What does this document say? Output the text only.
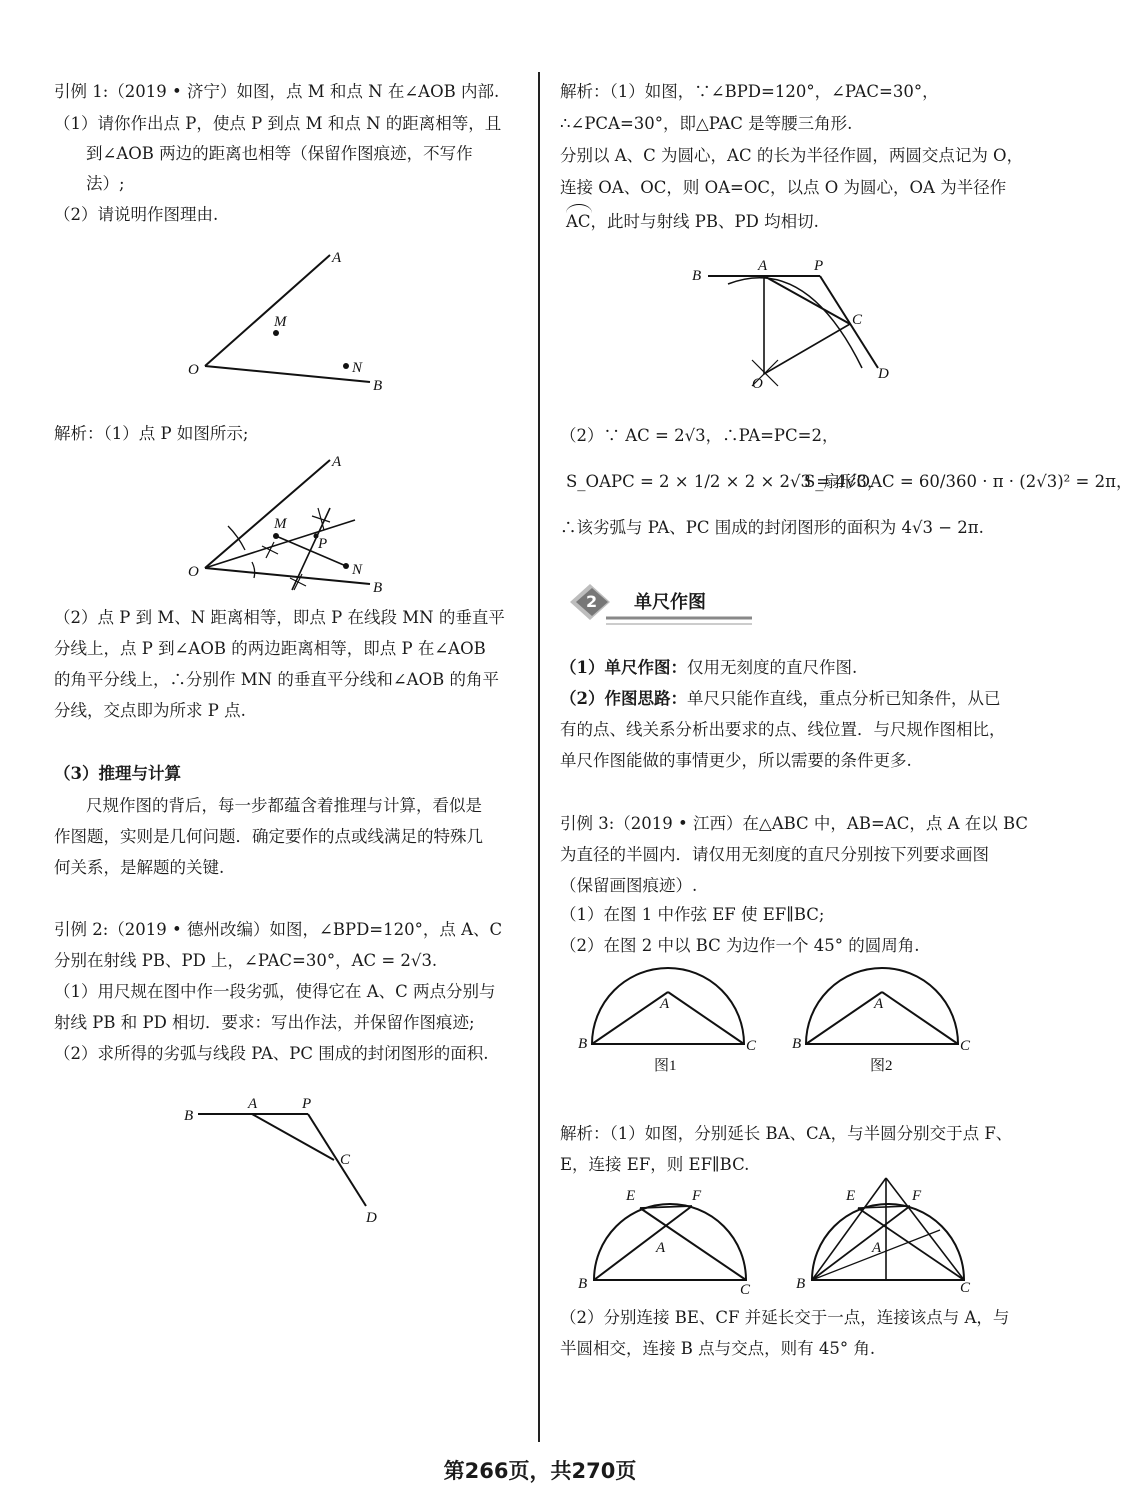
引例 1:（2019 • 济宁）如图，点 M 和点 N 在∠AOB 内部.
（1）请你作出点 P，使点 P 到点 M 和点 N 的距离相等，且
到∠AOB 两边的距离也相等（保留作图痕迹，不写作
法）;
（2）请说明作图理由.
A
M
N
O
B
解析：（1）点 P 如图所示;
A
M
P
N
O
B
（2）点 P 到 M、N 距离相等，即点 P 在线段 MN 的垂直平
分线上，点 P 到∠AOB 的两边距离相等，即点 P 在∠AOB
的角平分线上，∴分别作 MN 的垂直平分线和∠AOB 的角平
分线，交点即为所求 P 点.
（3）推理与计算
尺规作图的背后，每一步都蕴含着推理与计算，看似是
作图题，实则是几何问题．确定要作的点或线满足的特殊几
何关系，是解题的关键.
引例 2:（2019 • 德州改编）如图，∠BPD=120°，点 A、C
分别在射线 PB、PD 上，∠PAC=30°，AC = 2√3.
（1）用尺规在图中作一段劣弧，使得它在 A、C 两点分别与
射线 PB 和 PD 相切．要求：写出作法，并保留作图痕迹;
（2）求所得的劣弧与线段 PA、PC 围成的封闭图形的面积.
B
A	P
C
D
解析：（1）如图，∵∠BPD=120°，∠PAC=30°，
∴∠PCA=30°，即△PAC 是等腰三角形.
分别以 A、C 为圆心，AC 的长为半径作圆，两圆交点记为 O，
连接 OA、OC，则 OA=OC，以点 O 为圆心，OA 为半径作
AC，此时与射线 PB、PD 均相切.
B
A	P
C
O
D
（2）∵ AC = 2√3，∴PA=PC=2，
S_OAPC = 2 × 1/2 × 2 × 2√3 = 4√3，
S_扇形OAC = 60/360 · π · (2√3)² = 2π，
∴该劣弧与 PA、PC 围成的封闭图形的面积为 4√3 − 2π.
2 单尺作图
（1）单尺作图：仅用无刻度的直尺作图.
（2）作图思路：单尺只能作直线，重点分析已知条件，从已
有的点、线关系分析出要求的点、线位置．与尺规作图相比，
单尺作图能做的事情更少，所以需要的条件更多.
引例 3:（2019 • 江西）在△ABC 中，AB=AC，点 A 在以 BC
为直径的半圆内．请仅用无刻度的直尺分别按下列要求画图
（保留画图痕迹）.
（1）在图 1 中作弦 EF 使 EF∥BC;
（2）在图 2 中以 BC 为边作一个 45° 的圆周角.
A
B	C
图1
A
B	C
图2
解析：（1）如图，分别延长 BA、CA，与半圆分别交于点 F、
E，连接 EF，则 EF∥BC.
E	F
A
B	C
E	F
A
B	C
（2）分别连接 BE、CF 并延长交于一点，连接该点与 A，与
半圆相交，连接 B 点与交点，则有 45° 角.
第266页，共270页
